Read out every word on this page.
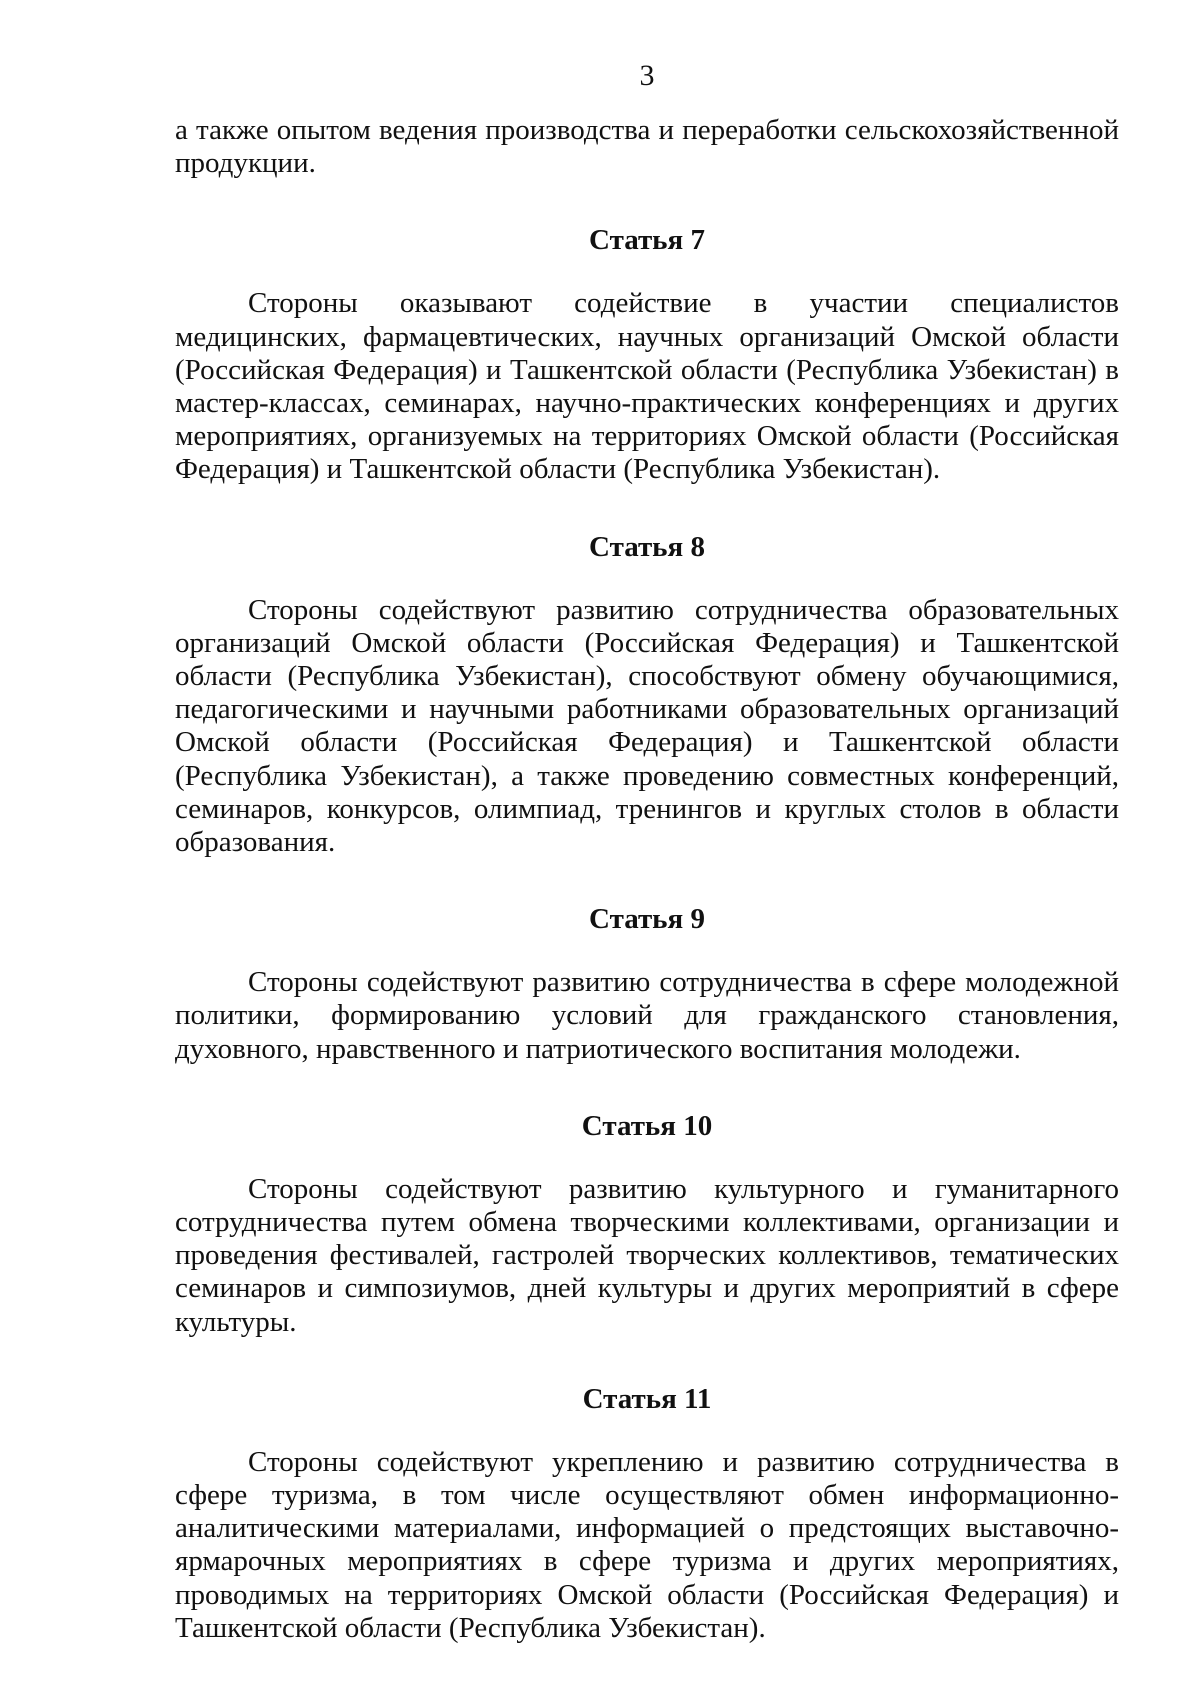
3

а также опытом ведения производства и переработки сельскохозяйственной продукции.

Статья 7

Стороны оказывают содействие в участии специалистов медицинских, фармацевтических, научных организаций Омской области (Российская Федерация) и Ташкентской области (Республика Узбекистан) в мастер-классах, семинарах, научно-практических конференциях и других мероприятиях, организуемых на территориях Омской области (Российская Федерация) и Ташкентской области (Республика Узбекистан).

Статья 8

Стороны содействуют развитию сотрудничества образовательных организаций Омской области (Российская Федерация) и Ташкентской области (Республика Узбекистан), способствуют обмену обучающимися, педагогическими и научными работниками образовательных организаций Омской области (Российская Федерация) и Ташкентской области (Республика Узбекистан), а также проведению совместных конференций, семинаров, конкурсов, олимпиад, тренингов и круглых столов в области образования.

Статья 9

Стороны содействуют развитию сотрудничества в сфере молодежной политики, формированию условий для гражданского становления, духовного, нравственного и патриотического воспитания молодежи.

Статья 10

Стороны содействуют развитию культурного и гуманитарного сотрудничества путем обмена творческими коллективами, организации и проведения фестивалей, гастролей творческих коллективов, тематических семинаров и симпозиумов, дней культуры и других мероприятий в сфере культуры.

Статья 11

Стороны содействуют укреплению и развитию сотрудничества в сфере туризма, в том числе осуществляют обмен информационно-аналитическими материалами, информацией о предстоящих выставочно-ярмарочных мероприятиях в сфере туризма и других мероприятиях, проводимых на территориях Омской области (Российская Федерация) и Ташкентской области (Республика Узбекистан).
